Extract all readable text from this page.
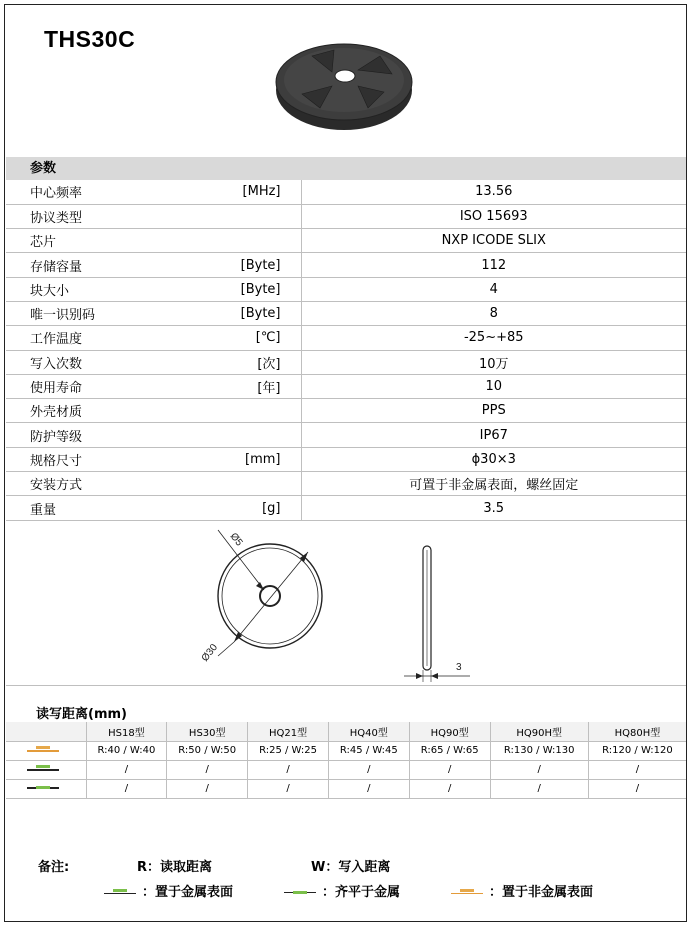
THS30C
参数
中心频率	[MHz]	13.56
协议类型		ISO 15693
芯片		NXP ICODE SLIX
存储容量	[Byte]	112
块大小	[Byte]	4
唯一识别码	[Byte]	8
工作温度	[℃]	-25~+85
写入次数	[次]	10万
使用寿命	[年]	10
外壳材质		PPS
防护等级		IP67
规格尺寸	[mm]	ɸ30×3
安装方式		可置于非金属表面，螺丝固定
重量	[g]	3.5
Ø5
Ø30
3
读写距离(mm)
	HS18型	HS30型	HQ21型	HQ40型	HQ90型	HQ90H型	HQ80H型

	R:40 / W:40	R:50 / W:50	R:25 / W:25	R:45 / W:45	R:65 / W:65	R:130 / W:130	R:120 / W:120

	/	/	/	/	/	/	/

	/	/	/	/	/	/	/
备注:	R：读取距离	W：写入距离
：置于金属表面	：齐平于金属	：置于非金属表面
